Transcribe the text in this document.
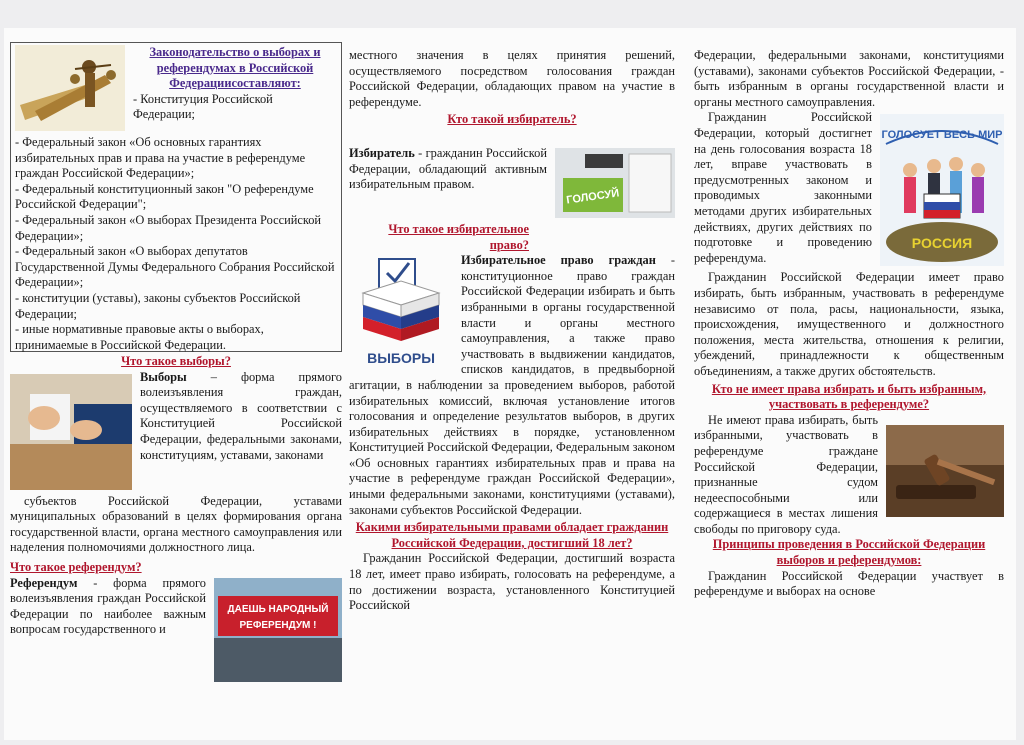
Законодательство о выборах и референдумах в Российской Федерациисоставляют:

- Конституция Российской Федерации;

- Федеральный закон «Об основных гарантиях избирательных прав и права на участие в референдуме граждан Российской Федерации»;

- Федеральный конституционный закон "О референдуме Российской Федерации";

- Федеральный закон «О выборах Президента Российской Федерации»;

- Федеральный закон «О выборах депутатов Государственной Думы Федерального Собрания Российской Федерации»;

- конституции (уставы), законы субъектов Российской Федерации;

- иные нормативные правовые акты о выборах, принимаемые в Российской Федерации.

Что такое выборы?

Выборы – форма прямого волеизъявления граждан, осуществляемого в соответствии с Конституцией Российской Федерации, федеральными законами, конституциям, уставами, законами

субъектов Российской Федерации, уставами муниципальных образований в целях формирования органа государственной власти, органа местного самоуправления или наделения полномочиями должностного лица.

Что такое референдум?

ДАЕШЬ НАРОДНЫЙ
РЕФЕРЕНДУМ !

Референдум - форма прямого волеизъявления граждан Российской Федерации по наиболее важным вопросам государственного и

местного значения в целях принятия решений, осуществляемого посредством голосования граждан Российской Федерации, обладающих правом на участие в референдуме.

Кто такой избиратель?

ГОЛОСУЙ

Избиратель - гражданин Российской Федерации, обладающий активным избирательным правом.

Что такое избирательное право?

ВЫБОРЫ

Избирательное право граждан - конституционное право граждан Российской Федерации избирать и быть избранными в органы государственной власти и органы местного самоуправления, а также право участвовать в выдвижении кандидатов, списков кандидатов, в предвыборной агитации, в наблюдении за проведением выборов, работой избирательных комиссий, включая установление итогов голосования и определение результатов выборов, в других избирательных действиях в порядке, установленном Конституцией Российской Федерации, Федеральным законом «Об основных гарантиях избирательных прав и права на участие в референдуме граждан Российской Федерации», иными федеральными законами, конституциями (уставами), законами субъектов Российской Федерации.

Какими избирательными правами обладает гражданин Российской Федерации, достигший 18 лет?

Гражданин Российской Федерации, достигший возраста 18 лет, имеет право избирать, голосовать на референдуме, а по достижении возраста, установленного Конституцией Российской

Федерации, федеральными законами, конституциями (уставами), законами субъектов Российской Федерации, - быть избранным в органы государственной власти и органы местного самоуправления.

ГОЛОСУЕТ ВЕСЬ МИР
РОССИЯ

Гражданин Российской Федерации, который достигнет на день голосования возраста 18 лет, вправе участвовать в предусмотренных законом и проводимых законными методами других избирательных действиях, других действиях по подготовке и проведению референдума.

Гражданин Российской Федерации имеет право избирать, быть избранным, участвовать в референдуме независимо от пола, расы, национальности, языка, происхождения, имущественного и должностного положения, места жительства, отношения к религии, убеждений, принадлежности к общественным объединениям, а также других обстоятельств.

Кто не имеет права избирать и быть избранным, участвовать в референдуме?

Не имеют права избирать, быть избранными, участвовать в референдуме граждане Российской Федерации, признанные судом недееспособными или содержащиеся в местах лишения свободы по приговору суда.

Принципы проведения в Российской Федерации выборов и референдумов:

Гражданин Российской Федерации участвует в референдуме и выборах на основе
